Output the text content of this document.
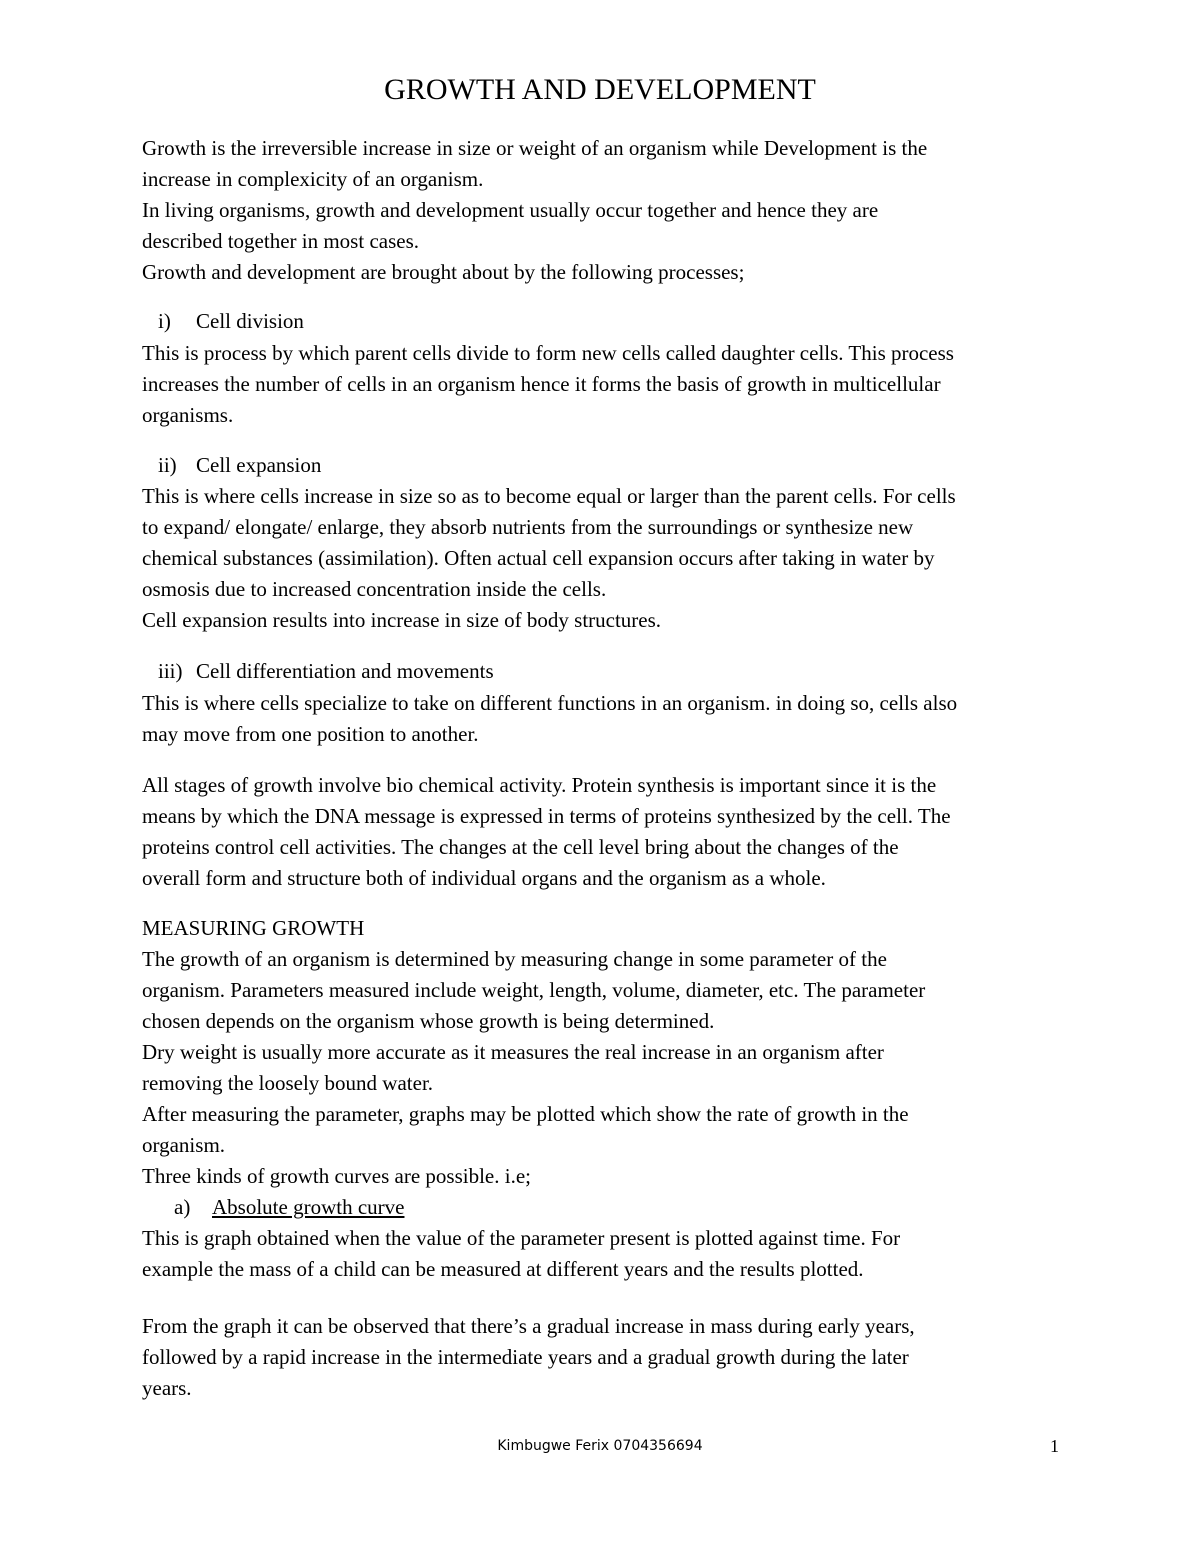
GROWTH AND DEVELOPMENT
Growth is the irreversible increase in size or weight of an organism while Development is the
increase in complexicity of an organism.
In living organisms, growth and development usually occur together and hence they are
described together in most cases.
Growth and development are brought about by the following processes;
i) Cell division
This is process by which parent cells divide to form new cells called daughter cells. This process
increases the number of cells in an organism hence it forms the basis of growth in multicellular
organisms.
ii) Cell expansion
This is where cells increase in size so as to become equal or larger than the parent cells. For cells
to expand/ elongate/ enlarge, they absorb nutrients from the surroundings or synthesize new
chemical substances (assimilation). Often actual cell expansion occurs after taking in water by
osmosis due to increased concentration inside the cells.
Cell expansion results into increase in size of body structures.
iii) Cell differentiation and movements
This is where cells specialize to take on different functions in an organism. in doing so, cells also
may move from one position to another.
All stages of growth involve bio chemical activity. Protein synthesis is important since it is the
means by which the DNA message is expressed in terms of proteins synthesized by the cell. The
proteins control cell activities. The changes at the cell level bring about the changes of the
overall form and structure both of individual organs and the organism as a whole.
MEASURING GROWTH
The growth of an organism is determined by measuring change in some parameter of the
organism. Parameters measured include weight, length, volume, diameter, etc. The parameter
chosen depends on the organism whose growth is being determined.
Dry weight is usually more accurate as it measures the real increase in an organism after
removing the loosely bound water.
After measuring the parameter, graphs may be plotted which show the rate of growth in the
organism.
Three kinds of growth curves are possible. i.e;
a) Absolute growth curve
This is graph obtained when the value of the parameter present is plotted against time. For
example the mass of a child can be measured at different years and the results plotted.
From the graph it can be observed that there’s a gradual increase in mass during early years,
followed by a rapid increase in the intermediate years and a gradual growth during the later
years.
Kimbugwe Ferix 0704356694	1
